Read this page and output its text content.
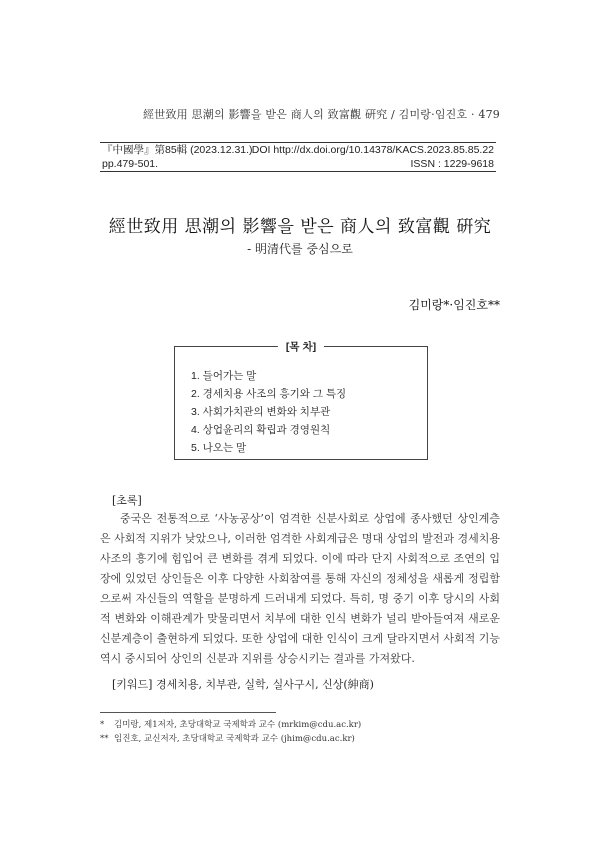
經世致用 思潮의 影響을 받은 商人의 致富觀 硏究 / 김미랑·임진호 · 479
『中國學』第85輯 (2023.12.31.) DOI http://dx.doi.org/10.14378/KACS.2023.85.85.22
pp.479-501.	ISSN : 1229-9618
經世致用 思潮의 影響을 받은 商人의 致富觀 硏究
- 明清代를 중심으로
김미랑*·임진호**
[목 차]
1. 들어가는 말
2. 경세치용 사조의 흥기와 그 특징
3. 사회가치관의 변화와 치부관
4. 상업윤리의 확립과 경영원칙
5. 나오는 말
[초록]
중국은 전통적으로 ‘사농공상’이 엄격한 신분사회로 상업에 종사했던 상인계층은 사회적 지위가 낮았으나, 이러한 엄격한 사회계급은 명대 상업의 발전과 경세치용 사조의 흥기에 힘입어 큰 변화를 겪게 되었다. 이에 따라 단지 사회적으로 조연의 입장에 있었던 상인들은 이후 다양한 사회참여를 통해 자신의 정체성을 새롭게 정립함으로써 자신들의 역할을 분명하게 드러내게 되었다. 특히, 명 중기 이후 당시의 사회적 변화와 이해관계가 맞물리면서 치부에 대한 인식 변화가 널리 받아들여져 새로운 신분계층이 출현하게 되었다. 또한 상업에 대한 인식이 크게 달라지면서 사회적 기능 역시 중시되어 상인의 신분과 지위를 상승시키는 결과를 가져왔다.
[키워드] 경세치용, 치부관, 실학, 실사구시, 신상(紳商)
* 김미랑, 제1저자, 초당대학교 국제학과 교수 (mrkim@cdu.ac.kr)
** 임진호, 교신저자, 초당대학교 국제학과 교수 (jhim@cdu.ac.kr)
